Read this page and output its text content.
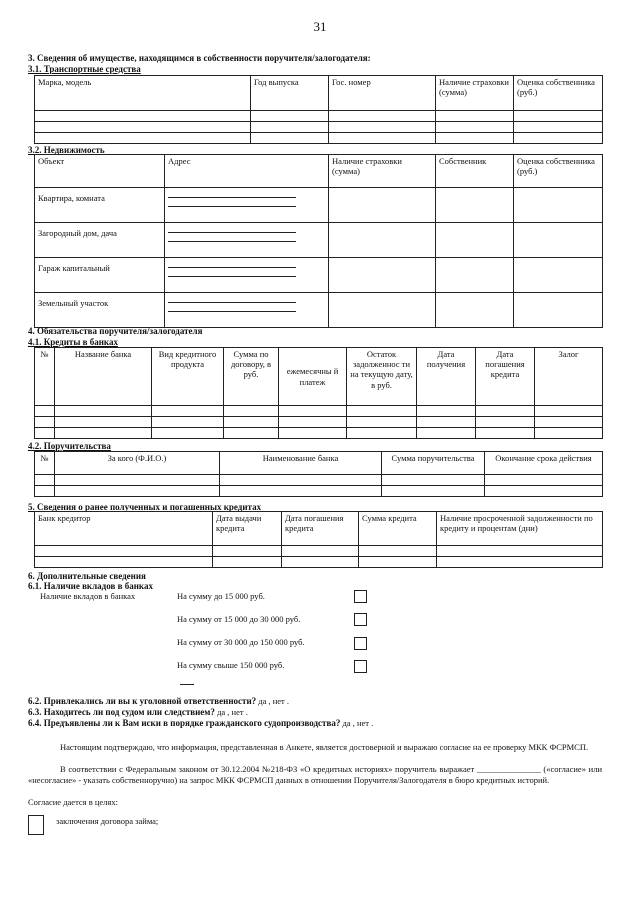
31
3. Сведения об имуществе, находящимся в собственности поручителя/залогодателя:
3.1. Транспортные средства
Марка, модель	Год выпуска	Гос. номер	Наличие страховки (сумма)	Оценка собственника (руб.)

3.2. Недвижимость
Объект	Адрес	Наличие страховки (сумма)	Собственник	Оценка собственника (руб.)
Квартира, комната	

Загородный дом, дача	

Гараж капитальный	

Земельный участок	

4. Обязательства поручителя/залогодателя
4.1. Кредиты в банках
№	Название банка	Вид кредитного продукта	Сумма по договору, в руб.	ежемесячны й платеж	Остаток задолженнос ти на текущую дату, в руб.	Дата получения	Дата погашения кредита	Залог

4.2. Поручительства
№	За кого (Ф.И.О.)	Наименование банка	Сумма поручительства	Окончание срока действия

5. Сведения о ранее полученных и погашенных кредитах
Банк кредитор	Дата выдачи кредита	Дата погашения кредита	Сумма кредита	Наличие просроченной задолженности по кредиту и процентам (дни)

6. Дополнительные сведения
6.1. Наличие вкладов в банках
Наличие вкладов в банках	На сумму до 15 000 руб.
На сумму от 15 000 до 30 000 руб.
На сумму от 30 000 до 150 000 руб.
На сумму свыше 150 000 руб.
6.2. Привлекались ли вы к уголовной ответственности? да , нет .
6.3. Находитесь ли под судом или следствием? да , нет .
6.4. Предъявлены ли к Вам иски в порядке гражданского судопроизводства? да , нет .
Настоящим подтверждаю, что информация, представленная в Анкете, является достоверной и выражаю согласие на ее проверку МКК ФСРМСП.
В соответствии с Федеральным законом от 30.12.2004 №218-ФЗ «О кредитных историях» поручитель выражает _______________ («согласие» или «несогласие» - указать собственноручно) на запрос МКК ФСРМСП данных в отношении Поручителя/Залогодателя в бюро кредитных историй.
Согласие дается в целях:
заключения договора займа;
